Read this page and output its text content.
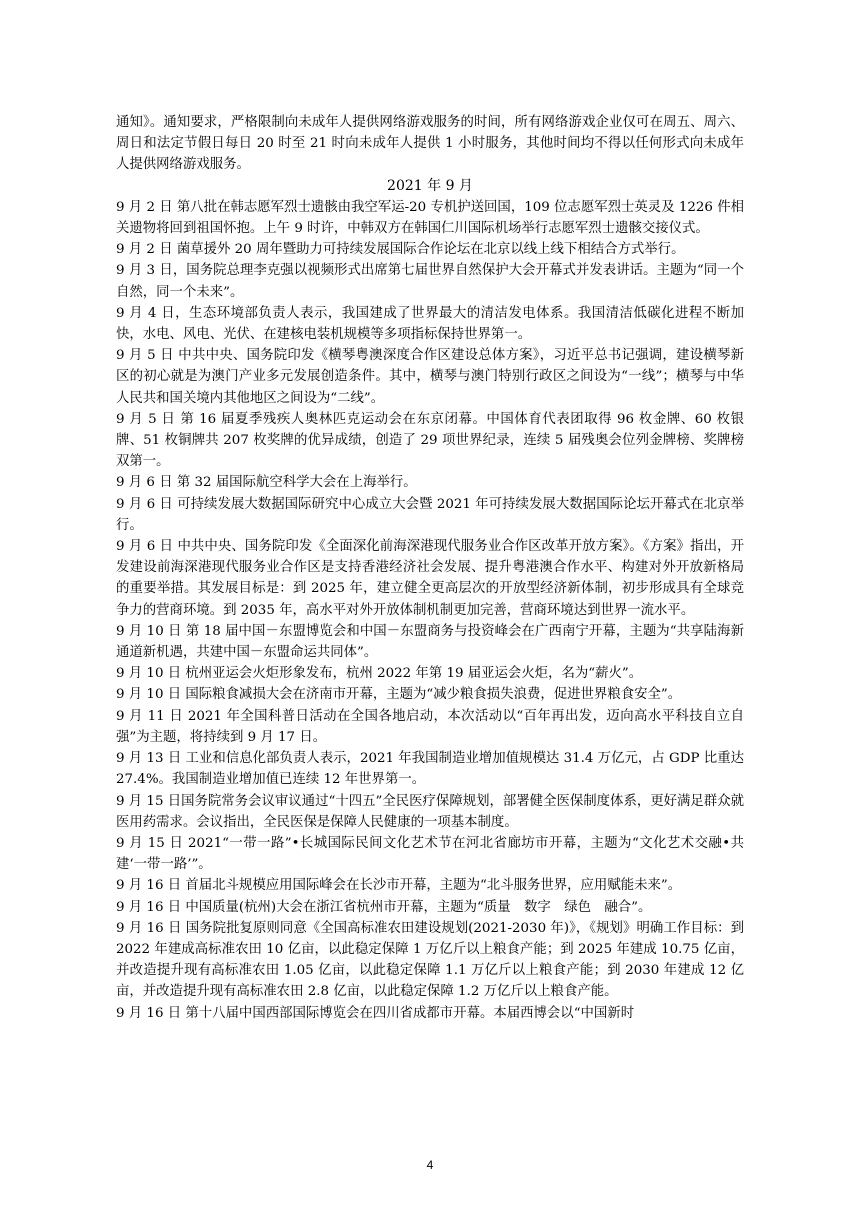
通知》。通知要求，严格限制向未成年人提供网络游戏服务的时间，所有网络游戏企业仅可在周五、周六、周日和法定节假日每日 20 时至 21 时向未成年人提供 1 小时服务，其他时间均不得以任何形式向未成年人提供网络游戏服务。

2021 年 9 月

9 月 2 日 第八批在韩志愿军烈士遗骸由我空军运-20 专机护送回国，109 位志愿军烈士英灵及 1226 件相关遗物将回到祖国怀抱。上午 9 时许，中韩双方在韩国仁川国际机场举行志愿军烈士遗骸交接仪式。

9 月 2 日 菌草援外 20 周年暨助力可持续发展国际合作论坛在北京以线上线下相结合方式举行。

9 月 3 日，国务院总理李克强以视频形式出席第七届世界自然保护大会开幕式并发表讲话。主题为“同一个自然，同一个未来”。

9 月 4 日，生态环境部负责人表示，我国建成了世界最大的清洁发电体系。我国清洁低碳化进程不断加快，水电、风电、光伏、在建核电装机规模等多项指标保持世界第一。

9 月 5 日 中共中央、国务院印发《横琴粤澳深度合作区建设总体方案》，习近平总书记强调，建设横琴新区的初心就是为澳门产业多元发展创造条件。其中，横琴与澳门特别行政区之间设为“一线”；横琴与中华人民共和国关境内其他地区之间设为“二线”。

9 月 5 日 第 16 届夏季残疾人奥林匹克运动会在东京闭幕。中国体育代表团取得 96 枚金牌、60 枚银牌、51 枚铜牌共 207 枚奖牌的优异成绩，创造了 29 项世界纪录，连续 5 届残奥会位列金牌榜、奖牌榜双第一。

9 月 6 日 第 32 届国际航空科学大会在上海举行。

9 月 6 日 可持续发展大数据国际研究中心成立大会暨 2021 年可持续发展大数据国际论坛开幕式在北京举行。

9 月 6 日 中共中央、国务院印发《全面深化前海深港现代服务业合作区改革开放方案》。《方案》指出，开发建设前海深港现代服务业合作区是支持香港经济社会发展、提升粤港澳合作水平、构建对外开放新格局的重要举措。其发展目标是：到 2025 年，建立健全更高层次的开放型经济新体制，初步形成具有全球竞争力的营商环境。到 2035 年，高水平对外开放体制机制更加完善，营商环境达到世界一流水平。

9 月 10 日 第 18 届中国－东盟博览会和中国－东盟商务与投资峰会在广西南宁开幕，主题为“共享陆海新通道新机遇，共建中国－东盟命运共同体”。

9 月 10 日 杭州亚运会火炬形象发布，杭州 2022 年第 19 届亚运会火炬，名为“薪火”。

9 月 10 日 国际粮食减损大会在济南市开幕，主题为“减少粮食损失浪费，促进世界粮食安全”。

9 月 11 日 2021 年全国科普日活动在全国各地启动，本次活动以“百年再出发，迈向高水平科技自立自强”为主题，将持续到 9 月 17 日。

9 月 13 日 工业和信息化部负责人表示，2021 年我国制造业增加值规模达 31.4 万亿元，占 GDP 比重达 27.4%。我国制造业增加值已连续 12 年世界第一。

9 月 15 日国务院常务会议审议通过“十四五”全民医疗保障规划，部署健全医保制度体系，更好满足群众就医用药需求。会议指出，全民医保是保障人民健康的一项基本制度。

9 月 15 日 2021“一带一路”•长城国际民间文化艺术节在河北省廊坊市开幕，主题为“文化艺术交融•共建‘一带一路’”。

9 月 16 日 首届北斗规模应用国际峰会在长沙市开幕，主题为“北斗服务世界，应用赋能未来”。

9 月 16 日 中国质量(杭州)大会在浙江省杭州市开幕，主题为“质量　数字　绿色　融合”。

9 月 16 日 国务院批复原则同意《全国高标准农田建设规划(2021-2030 年)》，《规划》明确工作目标：到 2022 年建成高标准农田 10 亿亩，以此稳定保障 1 万亿斤以上粮食产能；到 2025 年建成 10.75 亿亩，并改造提升现有高标准农田 1.05 亿亩，以此稳定保障 1.1 万亿斤以上粮食产能；到 2030 年建成 12 亿亩，并改造提升现有高标准农田 2.8 亿亩，以此稳定保障 1.2 万亿斤以上粮食产能。

9 月 16 日 第十八届中国西部国际博览会在四川省成都市开幕。本届西博会以“中国新时

4
